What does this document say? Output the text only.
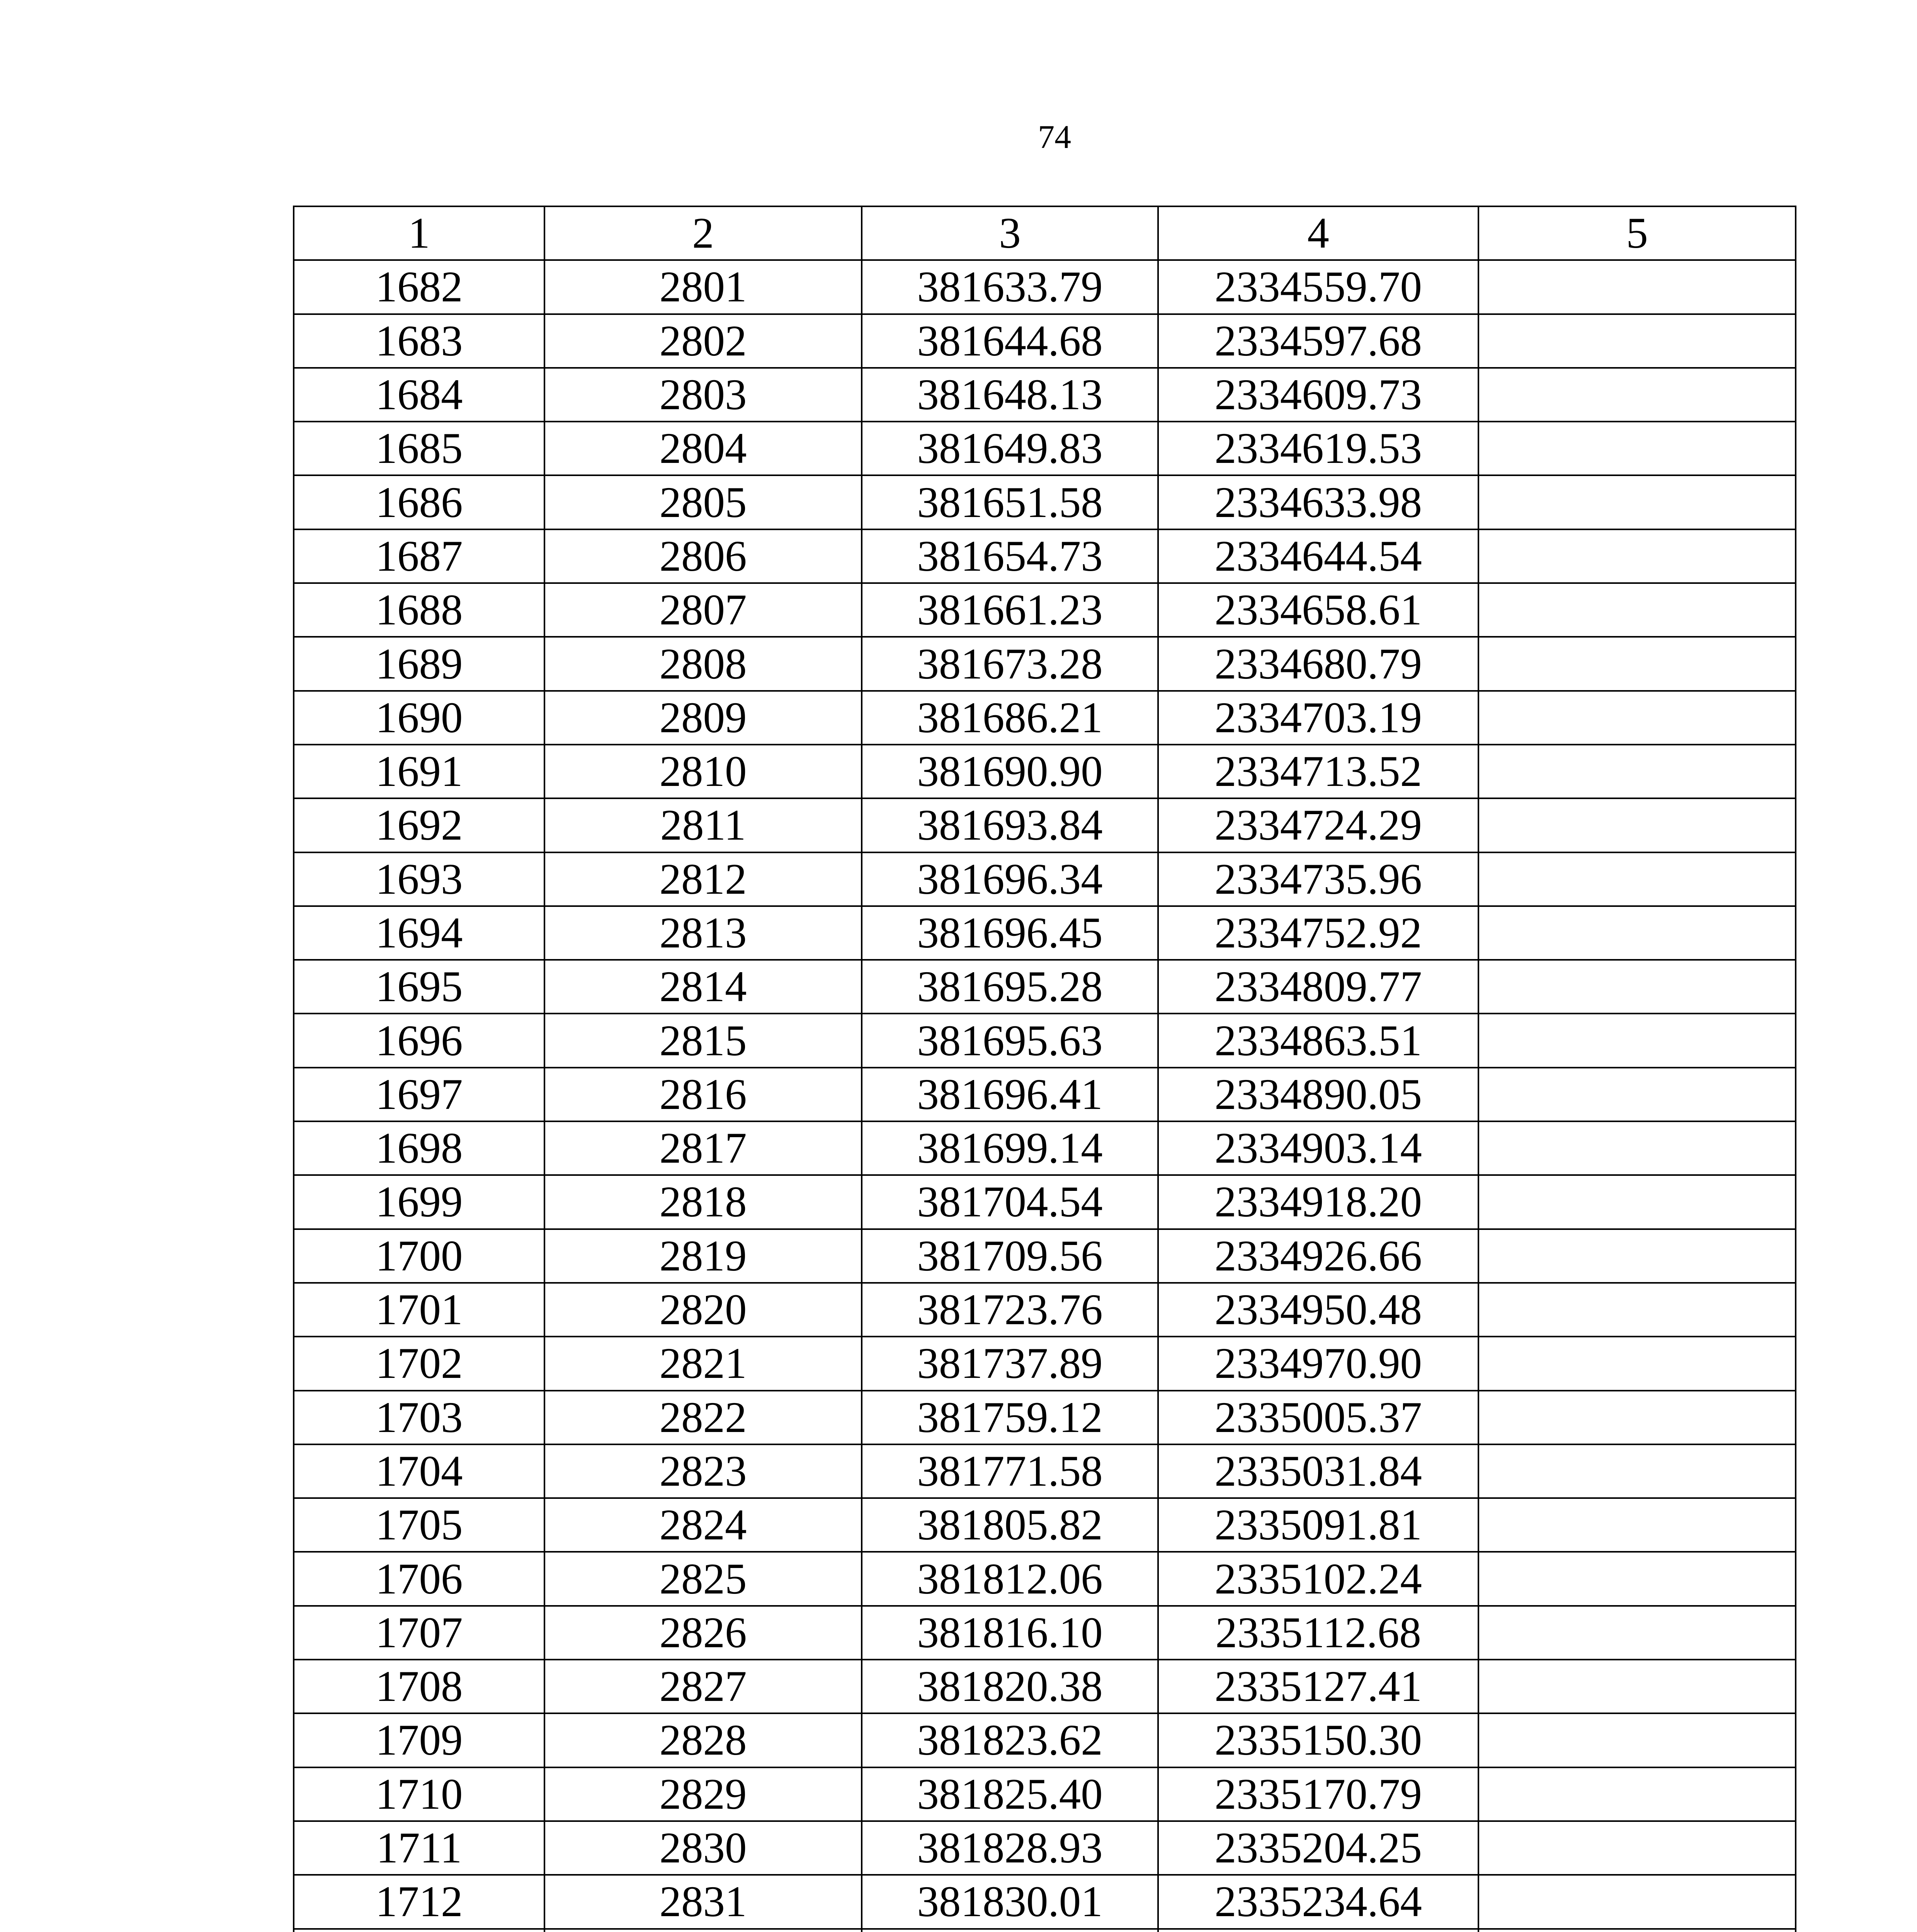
74
1	2	3	4	5
1682	2801	381633.79	2334559.70	
1683	2802	381644.68	2334597.68	
1684	2803	381648.13	2334609.73	
1685	2804	381649.83	2334619.53	
1686	2805	381651.58	2334633.98	
1687	2806	381654.73	2334644.54	
1688	2807	381661.23	2334658.61	
1689	2808	381673.28	2334680.79	
1690	2809	381686.21	2334703.19	
1691	2810	381690.90	2334713.52	
1692	2811	381693.84	2334724.29	
1693	2812	381696.34	2334735.96	
1694	2813	381696.45	2334752.92	
1695	2814	381695.28	2334809.77	
1696	2815	381695.63	2334863.51	
1697	2816	381696.41	2334890.05	
1698	2817	381699.14	2334903.14	
1699	2818	381704.54	2334918.20	
1700	2819	381709.56	2334926.66	
1701	2820	381723.76	2334950.48	
1702	2821	381737.89	2334970.90	
1703	2822	381759.12	2335005.37	
1704	2823	381771.58	2335031.84	
1705	2824	381805.82	2335091.81	
1706	2825	381812.06	2335102.24	
1707	2826	381816.10	2335112.68	
1708	2827	381820.38	2335127.41	
1709	2828	381823.62	2335150.30	
1710	2829	381825.40	2335170.79	
1711	2830	381828.93	2335204.25	
1712	2831	381830.01	2335234.64	
